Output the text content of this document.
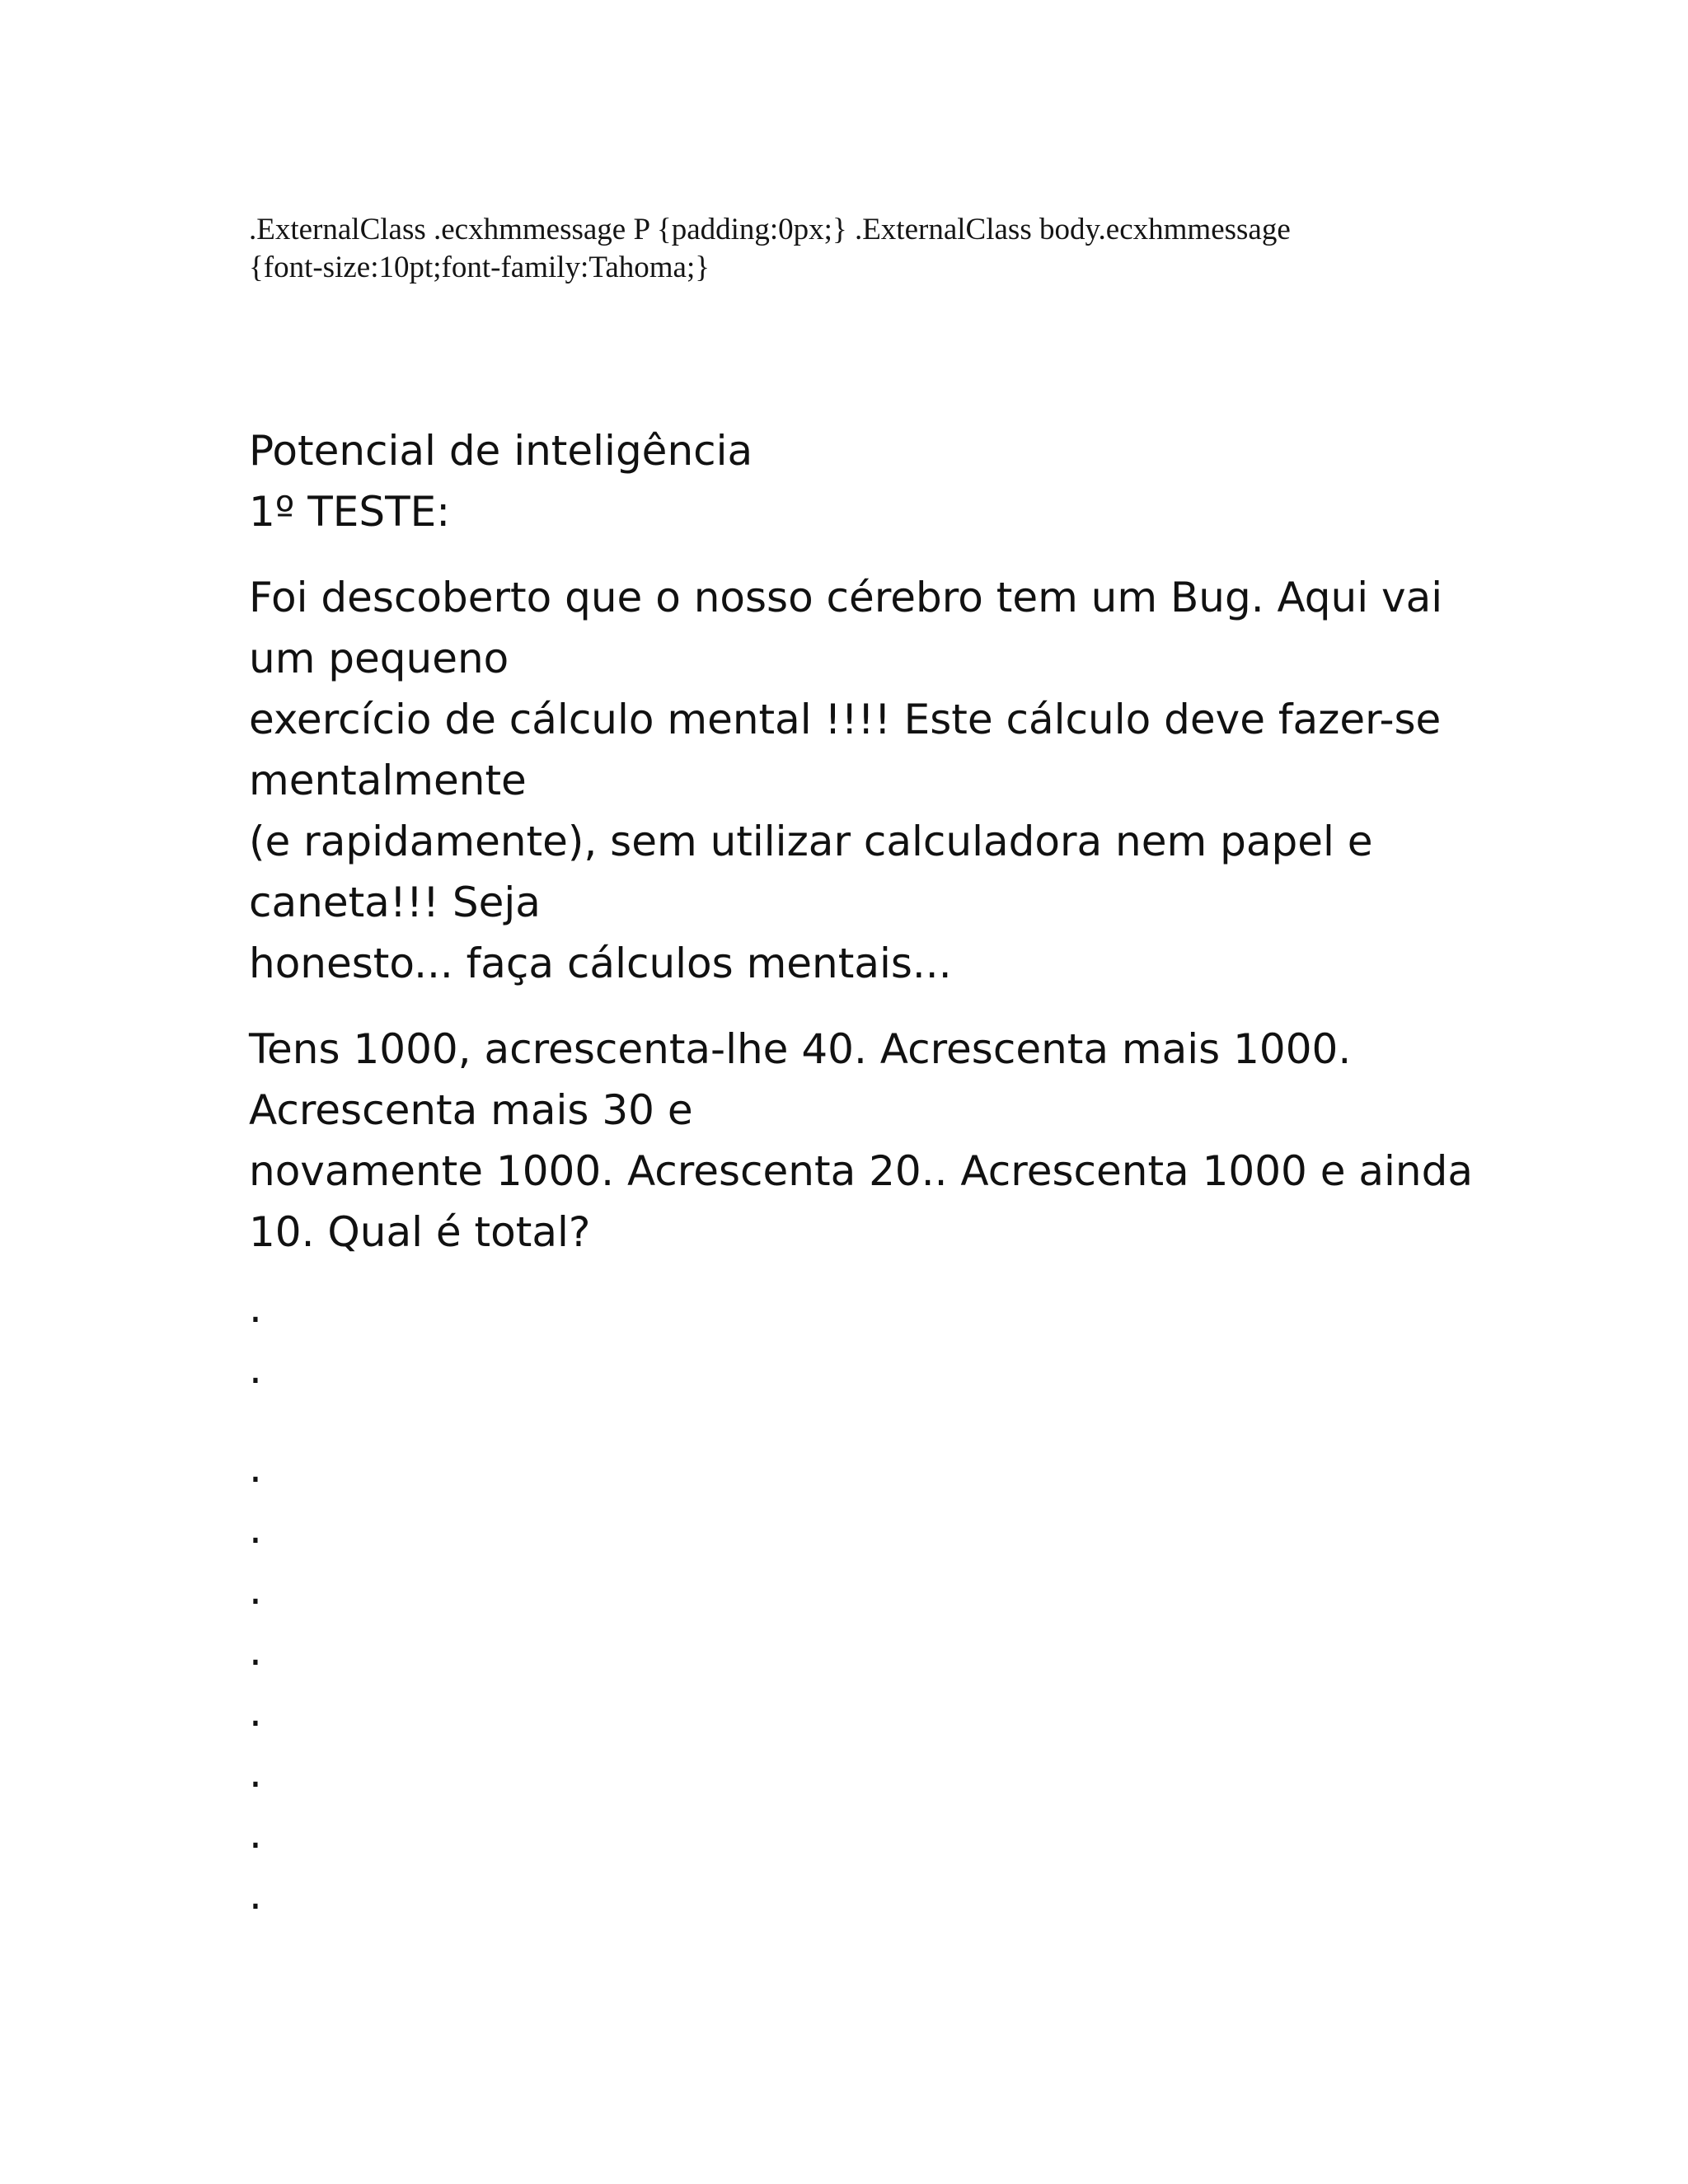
.ExternalClass .ecxhmmessage P {padding:0px;} .ExternalClass body.ecxhmmessage
{font-size:10pt;font-family:Tahoma;}
Potencial de inteligência
1º TESTE:
Foi descoberto que o nosso cérebro tem um Bug. Aqui vai
um pequeno
exercício de cálculo mental !!!! Este cálculo deve fazer-se
mentalmente
(e rapidamente), sem utilizar calculadora nem papel e
caneta!!! Seja
honesto... faça cálculos mentais...
Tens 1000, acrescenta-lhe 40. Acrescenta mais 1000.
Acrescenta mais 30 e
novamente 1000. Acrescenta 20.. Acrescenta 1000 e ainda
10. Qual é total?
.
.
.
.
.
.
.
.
.
.
